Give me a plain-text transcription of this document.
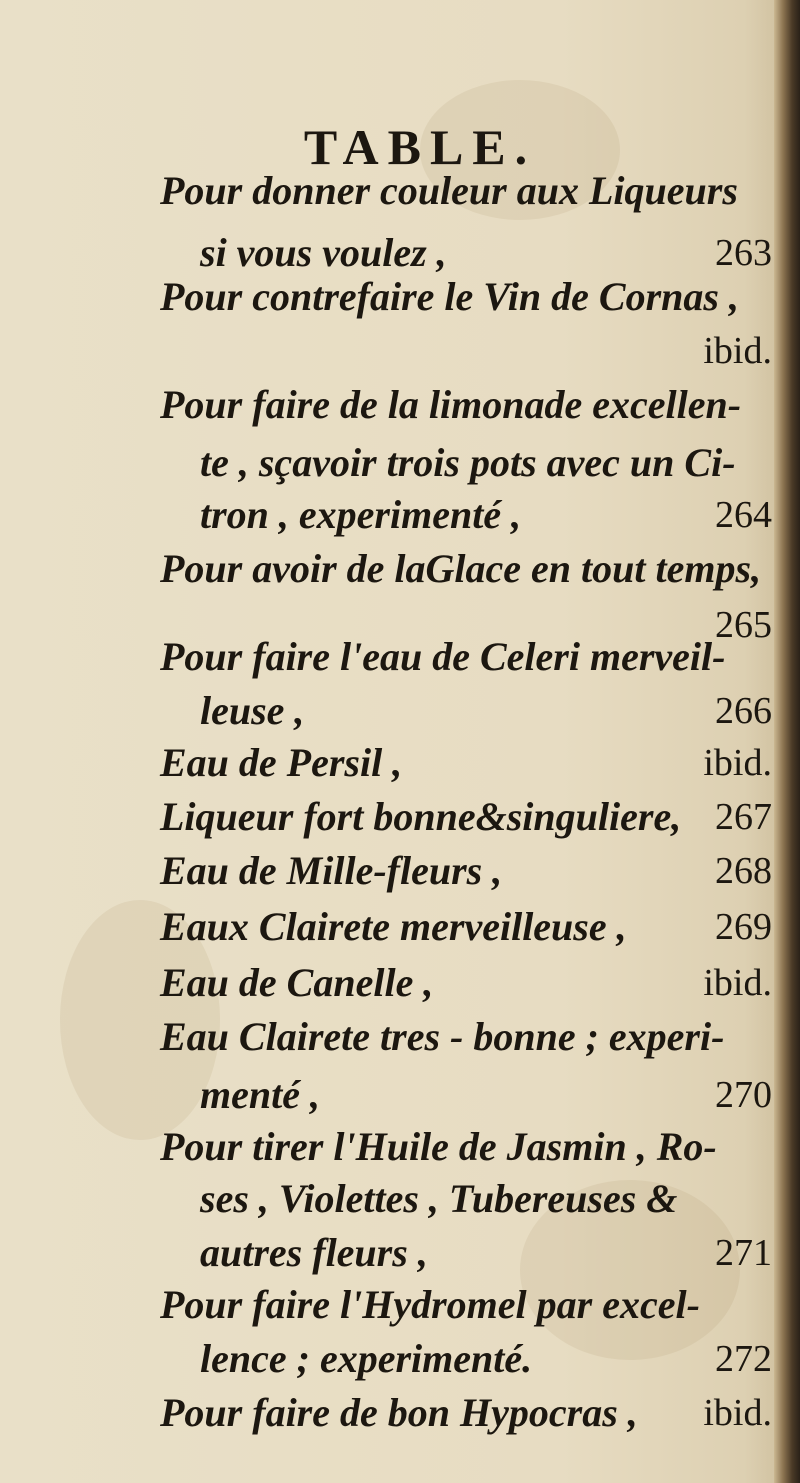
TABLE.
Pour donner couleur aux Liqueurs
si vous voulez ,	263
Pour contrefaire le Vin de Cornas ,
ibid.
Pour faire de la limonade excellen-
te , sçavoir trois pots avec un Ci-
tron , experimenté ,	264
Pour avoir de laGlace en tout temps,
265
Pour faire l'eau de Celeri merveil-
leuse ,	266
Eau de Persil ,	ibid.
Liqueur fort bonne&singuliere, 267
Eau de Mille-fleurs ,	268
Eaux Clairete merveilleuse , 269
Eau de Canelle ,	ibid.
Eau Clairete tres - bonne ; experi-
menté ,	270
Pour tirer l'Huile de Jasmin , Ro-
ses , Violettes , Tubereuses &
autres fleurs ,	271
Pour faire l'Hydromel par excel-
lence ; experimenté.	272
Pour faire de bon Hypocras , ibid.
